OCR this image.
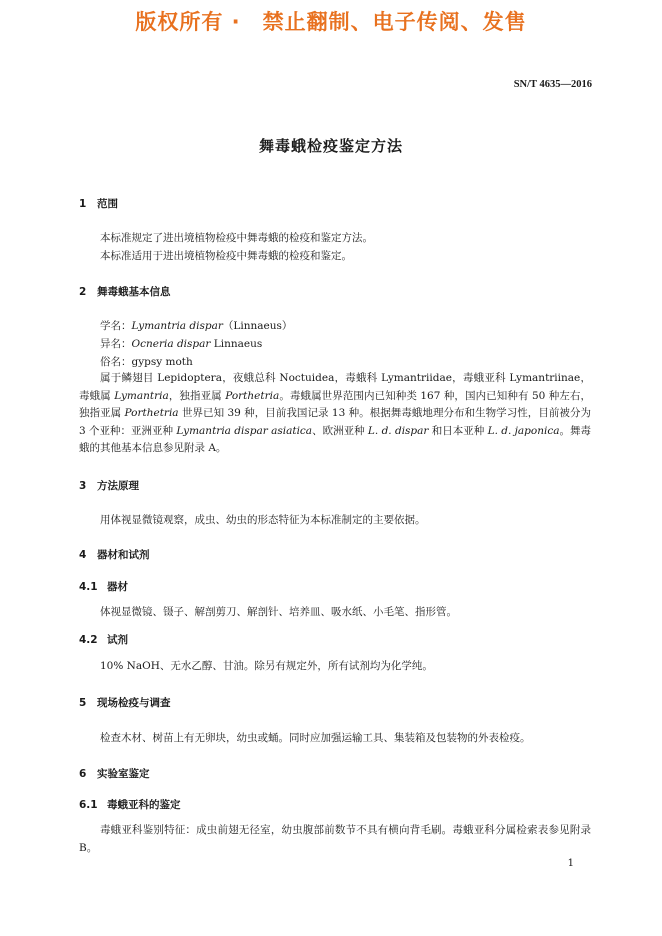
版权所有 ·　禁止翻制、电子传阅、发售
SN/T 4635—2016
舞毒蛾检疫鉴定方法
1 范围
本标准规定了进出境植物检疫中舞毒蛾的检疫和鉴定方法。
本标准适用于进出境植物检疫中舞毒蛾的检疫和鉴定。
2 舞毒蛾基本信息
学名：Lymantria dispar（Linnaeus）
异名：Ocneria dispar Linnaeus
俗名：gypsy moth
属于鳞翅目 Lepidoptera，夜蛾总科 Noctuidea，毒蛾科 Lymantriidae，毒蛾亚科 Lymantriinae，毒蛾属 Lymantria，独指亚属 Porthetria。毒蛾属世界范围内已知种类 167 种，国内已知种有 50 种左右，独指亚属 Porthetria 世界已知 39 种，目前我国记录 13 种。根据舞毒蛾地理分布和生物学习性，目前被分为 3 个亚种：亚洲亚种 Lymantria dispar asiatica、欧洲亚种 L. d. dispar 和日本亚种 L. d. japonica。舞毒蛾的其他基本信息参见附录 A。
3 方法原理
用体视显微镜观察，成虫、幼虫的形态特征为本标准制定的主要依据。
4 器材和试剂
4.1 器材
体视显微镜、镊子、解剖剪刀、解剖针、培养皿、吸水纸、小毛笔、指形管。
4.2 试剂
10% NaOH、无水乙醇、甘油。除另有规定外，所有试剂均为化学纯。
5 现场检疫与调查
检查木材、树苗上有无卵块，幼虫或蛹。同时应加强运输工具、集装箱及包装物的外表检疫。
6 实验室鉴定
6.1 毒蛾亚科的鉴定
毒蛾亚科鉴别特征：成虫前翅无径室，幼虫腹部前数节不具有横向背毛刷。毒蛾亚科分属检索表参见附录 B。
1
